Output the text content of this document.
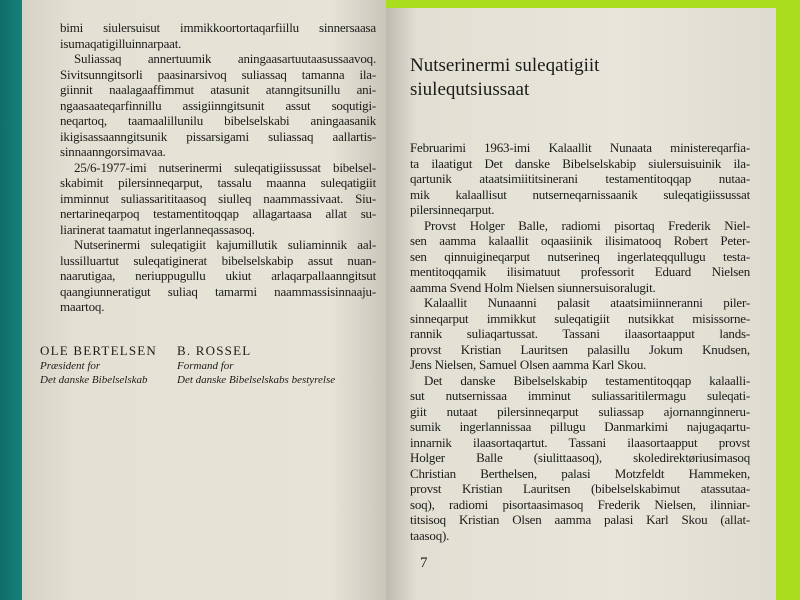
bimi siulersuisut immikkoortortaqarfiillu sinnersaasa
isumaqatigilluinnarpaat.
Suliassaq annertuumik aningaasartuutaasussaavoq.
Sivitsunngitsorli paasinarsivoq suliassaq tamanna ila-
giinnit naalagaaffimmut atasunit atanngitsunillu ani-
ngaasaateqarfinnillu assigiinngitsunit assut soqutigi-
neqartoq, taamaalillunilu bibelselskabi aningaasanik
ikigisassaanngitsunik pissarsigami suliassaq aallartis-
sinnaanngorsimavaa.
25/6-1977-imi nutserinermi suleqatigiissussat bibelsel-
skabimit pilersinneqarput, tassalu maanna suleqatigiit
imminnut suliassarititaasoq siulleq naammassivaat. Siu-
nertarineqarpoq testamentitoqqap allagartaasa allat su-
liarinerat taamatut ingerlanneqassasoq.
Nutserinermi suleqatigiit kajumillutik suliaminnik aal-
lussilluartut suleqatiginerat bibelselskabip assut nuan-
naarutigaa, neriuppugullu ukiut arlaqarpallaanngitsut
qaangiunneratigut suliaq tamarmi naammassisinnaaju-
maartoq.
OLE BERTELSEN
Præsident for
Det danske Bibelselskab
B. ROSSEL
Formand for
Det danske Bibelselskabs bestyrelse
Nutserinermi suleqatigiit
siulequtsiussaat
Februarimi 1963-imi Kalaallit Nunaata ministereqarfia-
ta ilaatigut Det danske Bibelselskabip siulersuisuinik ila-
qartunik ataatsimiititsinerani testamentitoqqap nutaa-
mik kalaallisut nutserneqarnissaanik suleqatigiissussat
pilersinneqarput.
Provst Holger Balle, radiomi pisortaq Frederik Niel-
sen aamma kalaallit oqaasiinik ilisimatooq Robert Peter-
sen qinnuigineqarput nutserineq ingerlateqqullugu testa-
mentitoqqamik ilisimatuut professorit Eduard Nielsen
aamma Svend Holm Nielsen siunnersuisoralugit.
Kalaallit Nunaanni palasit ataatsimiinneranni piler-
sinneqarput immikkut suleqatigiit nutsikkat misissorne-
rannik suliaqartussat. Tassani ilaasortaapput lands-
provst Kristian Lauritsen palasillu Jokum Knudsen,
Jens Nielsen, Samuel Olsen aamma Karl Skou.
Det danske Bibelselskabip testamentitoqqap kalaalli-
sut nutsernissaa imminut suliassaritilermagu suleqati-
giit nutaat pilersinneqarput suliassap ajornannginneru-
sumik ingerlannissaa pillugu Danmarkimi najugaqartu-
innarnik ilaasortaqartut. Tassani ilaasortaapput provst
Holger Balle (siulittaasoq), skoledirektøriusimasoq
Christian Berthelsen, palasi Motzfeldt Hammeken,
provst Kristian Lauritsen (bibelselskabimut atassutaa-
soq), radiomi pisortaasimasoq Frederik Nielsen, ilinniar-
titsisoq Kristian Olsen aamma palasi Karl Skou (allat-
taasoq).
7
